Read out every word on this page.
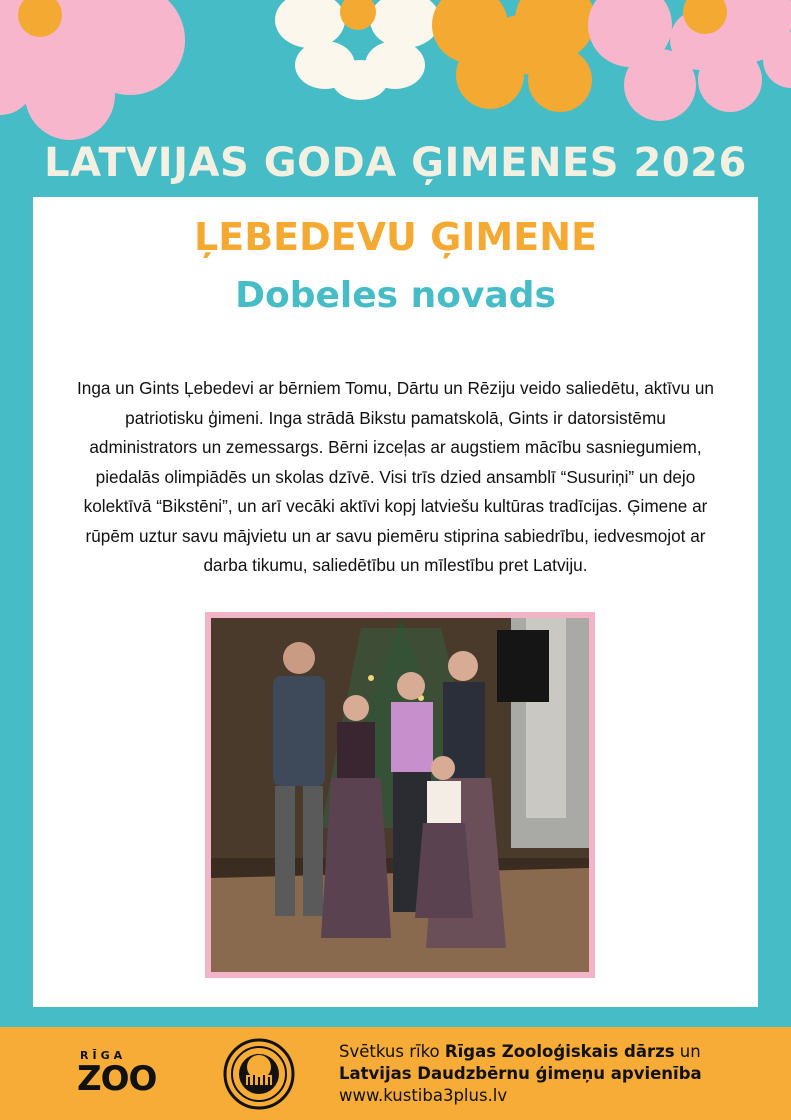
LATVIJAS GODA ĢIMENES 2026
ĻEBEDEVU ĢIMENE
Dobeles novads

Inga un Gints Ļebedevi ar bērniem Tomu, Dārtu un Rēziju veido saliedētu, aktīvu un patriotisku ģimeni. Inga strādā Bikstu pamatskolā, Gints ir datorsistēmu administrators un zemessargs. Bērni izceļas ar augstiem mācību sasniegumiem, piedalās olimpiādēs un skolas dzīvē. Visi trīs dzied ansamblī “Susuriņi” un dejo kolektīvā “Bikstēni”, un arī vecāki aktīvi kopj latviešu kultūras tradīcijas. Ģimene ar rūpēm uztur savu mājvietu un ar savu piemēru stiprina sabiedrību, iedvesmojot ar darba tikumu, saliedētību un mīlestību pret Latviju.

RĪGA
ZOO
Svētkus rīko Rīgas Zooloģiskais dārzs un
Latvijas Daudzbērnu ģimeņu apvienība
www.kustiba3plus.lv
